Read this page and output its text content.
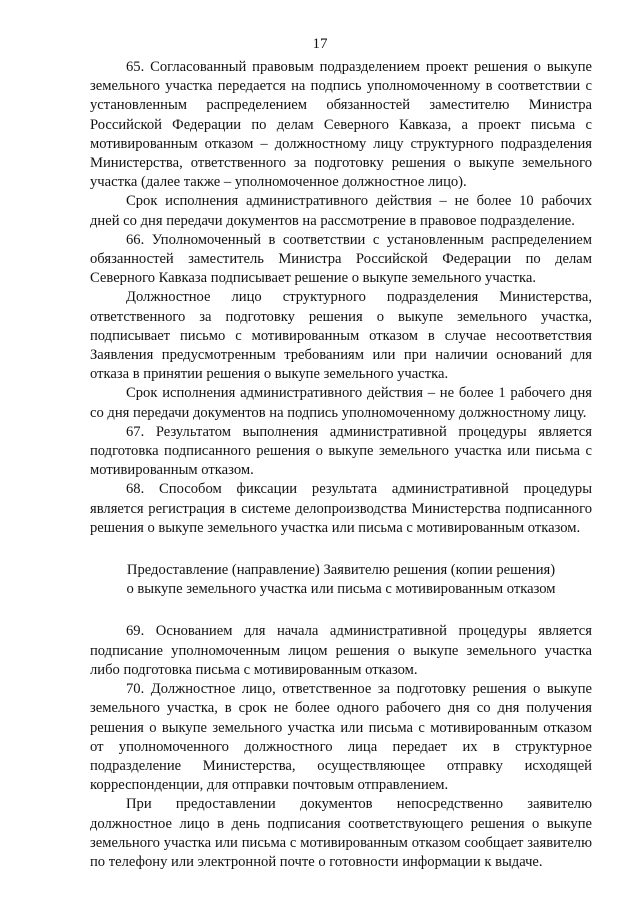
17

65. Согласованный правовым подразделением проект решения о выкупе земельного участка передается на подпись уполномоченному в соответствии с установленным распределением обязанностей заместителю Министра Российской Федерации по делам Северного Кавказа, а проект письма с мотивированным отказом – должностному лицу структурного подразделения Министерства, ответственного за подготовку решения о выкупе земельного участка (далее также – уполномоченное должностное лицо).

Срок исполнения административного действия – не более 10 рабочих дней со дня передачи документов на рассмотрение в правовое подразделение.

66. Уполномоченный в соответствии с установленным распределением обязанностей заместитель Министра Российской Федерации по делам Северного Кавказа подписывает решение о выкупе земельного участка.

Должностное лицо структурного подразделения Министерства, ответственного за подготовку решения о выкупе земельного участка, подписывает письмо с мотивированным отказом в случае несоответствия Заявления предусмотренным требованиям или при наличии оснований для отказа в принятии решения о выкупе земельного участка.

Срок исполнения административного действия – не более 1 рабочего дня со дня передачи документов на подпись уполномоченному должностному лицу.

67. Результатом выполнения административной процедуры является подготовка подписанного решения о выкупе земельного участка или письма с мотивированным отказом.

68. Способом фиксации результата административной процедуры является регистрация в системе делопроизводства Министерства подписанного решения о выкупе земельного участка или письма с мотивированным отказом.

Предоставление (направление) Заявителю решения (копии решения)
о выкупе земельного участка или письма с мотивированным отказом

69. Основанием для начала административной процедуры является подписание уполномоченным лицом решения о выкупе земельного участка либо подготовка письма с мотивированным отказом.

70. Должностное лицо, ответственное за подготовку решения о выкупе земельного участка, в срок не более одного рабочего дня со дня получения решения о выкупе земельного участка или письма с мотивированным отказом от уполномоченного должностного лица передает их в структурное подразделение Министерства, осуществляющее отправку исходящей корреспонденции, для отправки почтовым отправлением.

При предоставлении документов непосредственно заявителю должностное лицо в день подписания соответствующего решения о выкупе земельного участка или письма с мотивированным отказом сообщает заявителю по телефону или электронной почте о готовности информации к выдаче.
